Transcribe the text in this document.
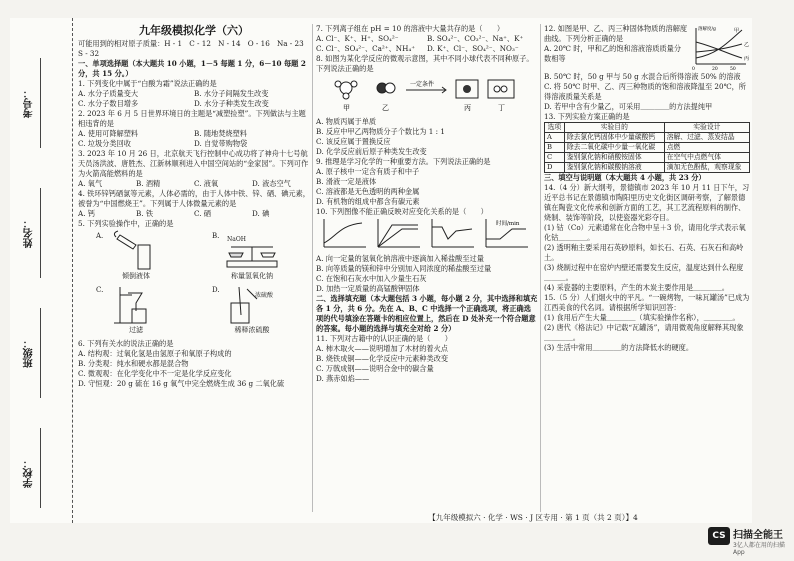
考号：
姓名：
班级：
学校：

九年级模拟化学（六）

可能用到的相对原子质量：H - 1　C - 12　N - 14　O - 16　Na - 23　S - 32

一、单项选择题（本大题共 10 小题，1－5 每题 1 分，6－10 每题 2 分，共 15 分。）

1. 下列变化中属于“白酸为霜”说法正确的是

A. 水分子质量变大	B. 水分子间隔发生改变
C. 水分子数目增多	D. 水分子种类发生改变

2. 2023 年 6 月 5 日世界环境日的主题是“减塑捡塑”。下列做法与主题相违背的是

A. 使用可降解塑料	B. 随地焚烧塑料
C. 垃圾分类回收	D. 自觉带购物袋

3. 2023 年 10 月 26 日，北京航天飞行控制中心成功将了神舟十七号航天员汤洪波、唐胜杰、江新林顺利进入中国空间站的“金家园”。下列可作为火箭高能燃料的是

A. 氧气	B. 酒精	C. 液氧	D. 液态空气

4. 铁环锌钙硒氯等元素，人体必需的，由于人体中铁、锌、硒、碘元素，被誉为“中国燃烧王”。下列属于人体微量元素的是

A. 钙	B. 铁	C. 硒	D. 碘

5. 下列实验操作中，正确的是

A.
倾倒液体
B. NaOH
称量氢氧化钠
C.
过滤
D.
浓硫酸
稀释浓硫酸

6. 下列有关水的说法正确的是

A. 结构观：过氧化氢是由氢原子和氧原子构成的

B. 分类观：纯水和硬水都是混合物

C. 微观观：在化学变化中不一定是化学反应变化

D. 守恒观：20 g 硫在 16 g 氧气中完全燃烧生成 36 g 二氧化硫

7. 下列离子组在 pH = 10 的溶液中大量共存的是（　　）

A. Cl⁻、K⁺、H⁺、SO₄²⁻	B. SO₄²⁻、CO₃²⁻、Na⁺、K⁺
C. Cl⁻、SO₄²⁻、Ca²⁺、NH₄⁺	D. K⁺、Cl⁻、SO₄²⁻、NO₃⁻

8. 如图为某化学反应的微观示意图，其中不同小球代表不同种原子。下列说法正确的是

甲	乙
一定条件
丙	丁
A. 物质丙属于单质

B. 反应中甲乙两物质分子个数比为 1 : 1

C. 该反应属于置换反应

D. 化学反应前后原子种类发生改变

9. 推理是学习化学的一种重要方法。下列说法正确的是

A. 原子核中一定含有质子和中子

B. 滑液一定是液体

C. 溶液都是无色透明的两种金属

D. 有机物的组成中都含有碳元素

10. 下列图像不能正确反映对应变化关系的是（　　）

时间/min

A. 向一定量的氢氧化钠溶液中逐滴加入稀盐酸至过量

B. 向等质量的镁和锌中分别加入同浓度的稀盐酸至过量

C. 在饱和石灰水中加入少量生石灰

D. 加热一定质量的高锰酸钾固体

二、选择填充题（本大题包括 3 小题，每小题 2 分，其中选择和填充各 1 分，共 6 分。先在 A、B、C 中选择一个正确选项，将正确选项的代号填涂在答题卡的相应位置上，然后在 D 处补充一个符合题意的答案。每小题的选择与填充全对给 2 分）

11. 下列对古籍中的认识正确的是（　　）

A. 柿木取火——说明增加了木材的着火点

B. 烧铁成铜——化学反应中元素种类改变

C. 万戟成钢——说明合金中的碳含量

D. 燕赤如焰——

12. 如图是甲、乙、丙三种固体物质的溶解度曲线。下列分析正确的是

A. 20℃ 时，甲和乙的饱和溶液溶质质量分数相等

甲
乙
丙
溶解度/g
0	20	50

B. 50℃ 时，50 g 甲与 50 g 水混合后所得溶液 50% 的溶液

C. 将 50℃ 时甲、乙、丙三种物质的饱和溶液降温至 20℃，所得溶液质量关系是

D. 若甲中含有少量乙，可采用＿＿＿＿的方法提纯甲

13. 下列实验方案正确的是

选项	实验目的	实验设计
A	除去氯化钙固体中少量碳酸钙	溶解、过滤、蒸发结晶
B	除去二氧化碳中少量一氧化碳	点燃
C	鉴别氯化钠和硝酸铵固体	在空气中点燃气体
D	鉴别氯化钠和碳酸钠溶液	滴加无色酚酞，观察现象

三、填空与说明题（本大题共 4 小题，共 23 分）

14.（4 分）新大纲考，景德镇市 2023 年 10 月 11 日下午，习近平总书记在景德镇市陶阳里历史文化街区调研考察，了解景德镇在陶瓷文化传承和创新方面的工艺，其工艺流程原料的制作、烧制、装饰等阶段，以使瓷器光彩夺目。

(1) 钴（Co）元素通常在化合物中呈＋3 价，请用化学式表示氧化钴＿＿＿＿。

(2) 透明釉主要采用石英砂原料，如长石、石英、石灰石和高岭土。

(3) 烧制过程中在窑炉内壁还需要发生反应，温度达到什么程度＿＿＿。

(4) 采瓷器的主要原料，产生的木炭主要作用是＿＿＿＿。

15.（5 分）人们烟火中的平凡。“一碗烤物，一味瓦罐汤”已成为江西美食的代名词。请根据所学知识回答：

(1) 食用后产生大量＿＿＿＿（填实验操作名称），＿＿＿＿。

(2) 唐代《格法记》中记载“瓦罐汤”，请用微观角度解释其现象＿＿＿＿。

(3) 生活中常用＿＿＿＿的方法降低水的硬度。

【九年级模拟六 · 化学 · WS · J 区专用 · 第 1 页（共 2 页）】4
CS 扫描全能王
3亿人都在用的扫描App
